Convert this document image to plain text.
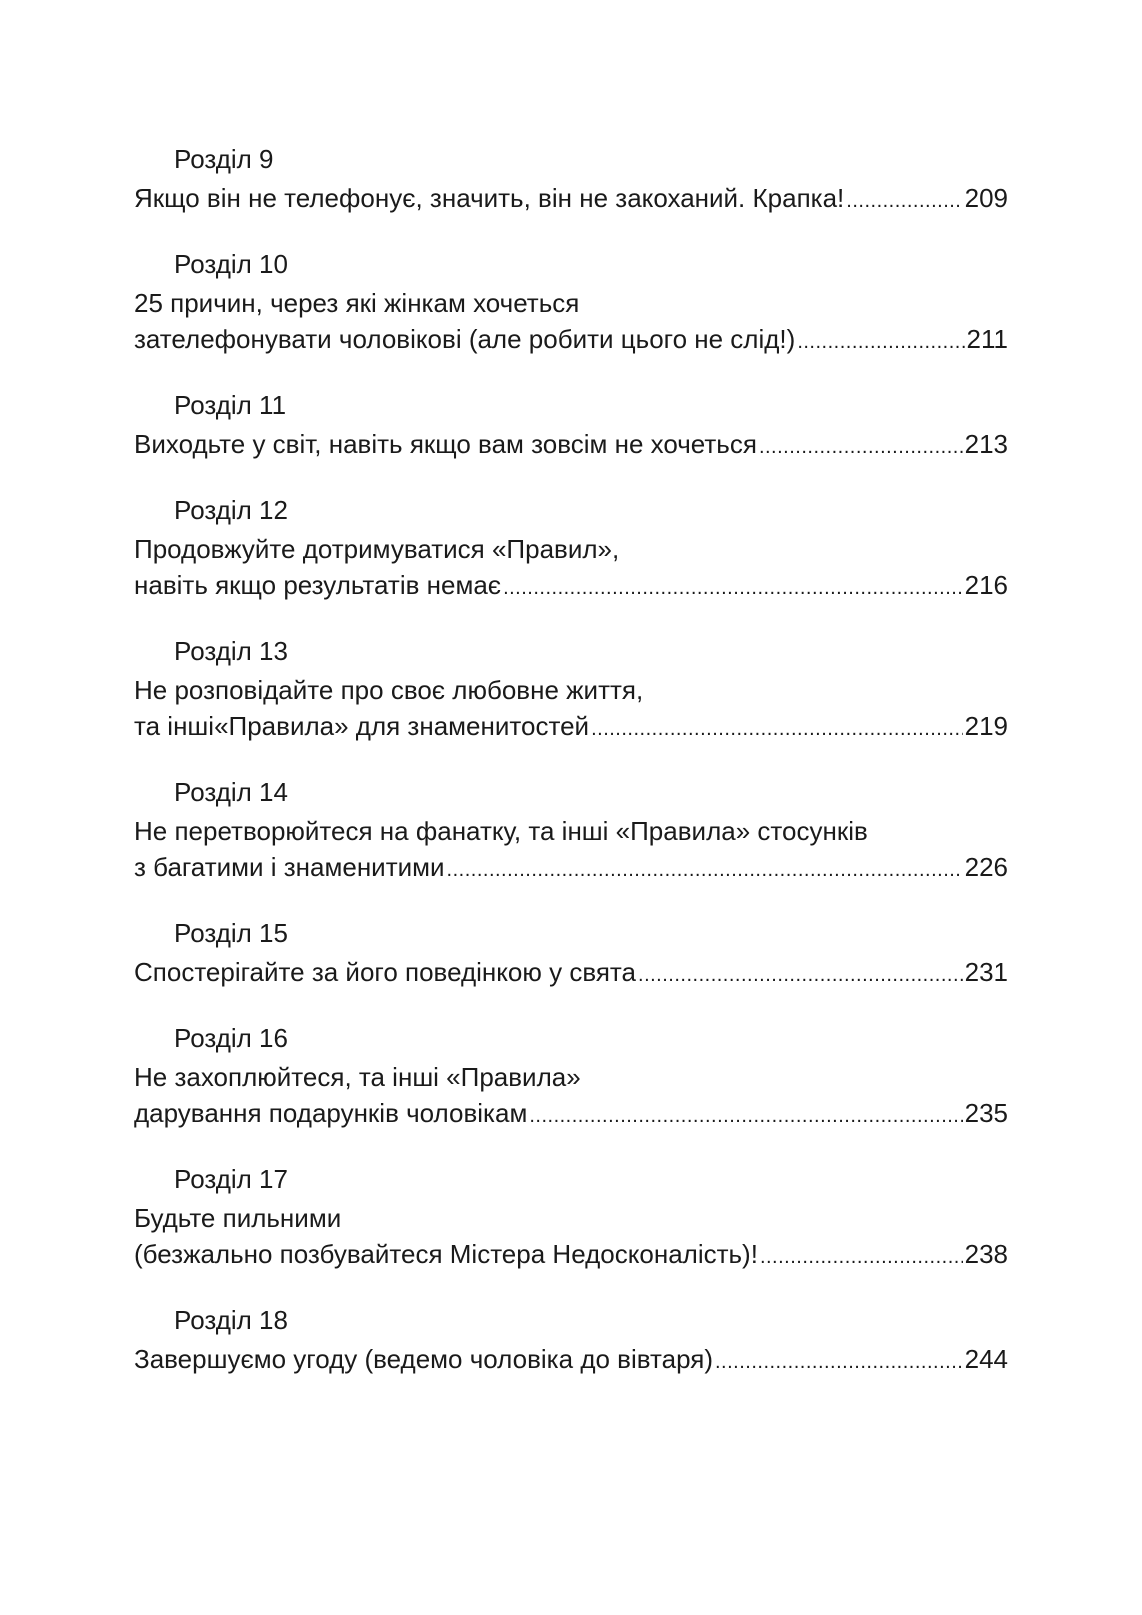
Розділ 9
Якщо він не телефонує, значить, він не закоханий. Крапка! .....	209
Розділ 10
25 причин, через які жінкам хочеться
зателефонувати чоловікові (але робити цього не слід!) .....	211
Розділ 11
Виходьте у світ, навіть якщо вам зовсім не хочеться .....	213
Розділ 12
Продовжуйте дотримуватися «Правил»,
навіть якщо результатів немає .....	216
Розділ 13
Не розповідайте про своє любовне життя,
та інші«Правила» для знаменитостей .....	219
Розділ 14
Не перетворюйтеся на фанатку, та інші «Правила» стосунків
з багатими і знаменитими .....	226
Розділ 15
Спостерігайте за його поведінкою у свята .....	231
Розділ 16
Не захоплюйтеся, та інші «Правила»
дарування подарунків чоловікам .....	235
Розділ 17
Будьте пильними
(безжально позбувайтеся Містера Недосконалість)! .....	238
Розділ 18
Завершуємо угоду (ведемо чоловіка до вівтаря) .....	244
